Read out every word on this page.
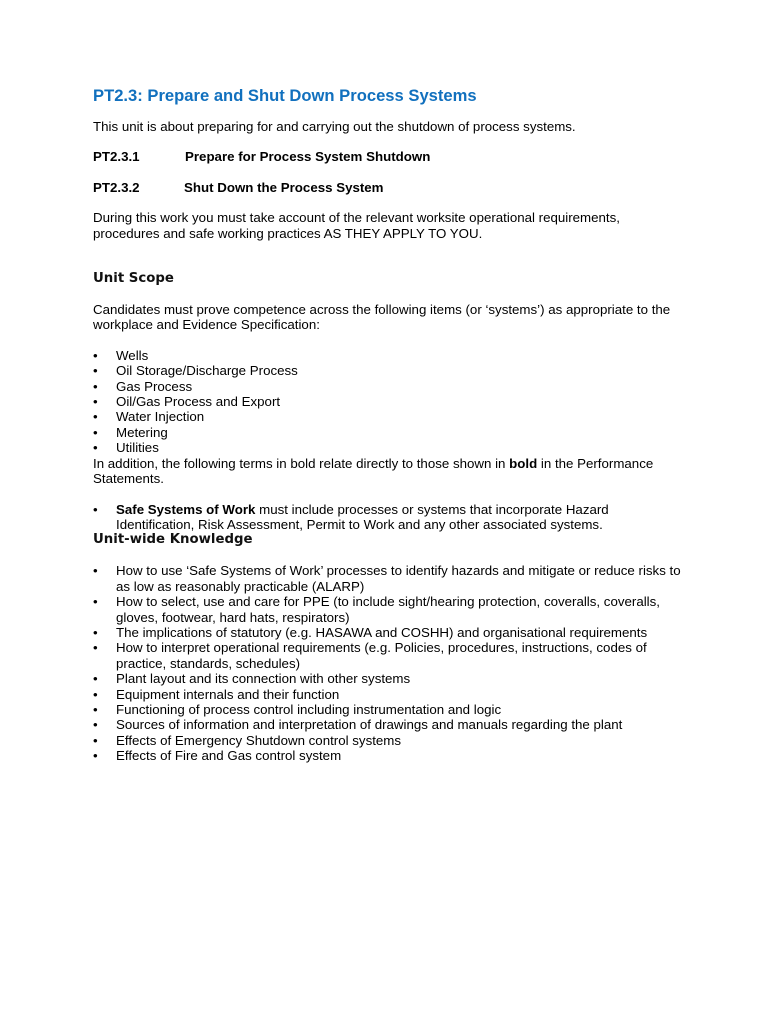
PT2.3: Prepare and Shut Down Process Systems

This unit is about preparing for and carrying out the shutdown of process systems.

PT2.3.1	Prepare for Process System Shutdown
PT2.3.2	Shut Down the Process System

During this work you must take account of the relevant worksite operational requirements, procedures and safe working practices AS THEY APPLY TO YOU.

Unit Scope

Candidates must prove competence across the following items (or ‘systems’) as appropriate to the workplace and Evidence Specification:

•	Wells
•	Oil Storage/Discharge Process
•	Gas Process
•	Oil/Gas Process and Export
•	Water Injection
•	Metering
•	Utilities

In addition, the following terms in bold relate directly to those shown in bold in the Performance Statements.

•	Safe Systems of Work must include processes or systems that incorporate Hazard Identification, Risk Assessment, Permit to Work and any other associated systems.
Unit-wide Knowledge
•	How to use ‘Safe Systems of Work’ processes to identify hazards and mitigate or reduce risks to as low as reasonably practicable (ALARP)
•	How to select, use and care for PPE (to include sight/hearing protection, coveralls, coveralls, gloves, footwear, hard hats, respirators)
•	The implications of statutory (e.g. HASAWA and COSHH) and organisational requirements
•	How to interpret operational requirements (e.g. Policies, procedures, instructions, codes of practice, standards, schedules)
•	Plant layout and its connection with other systems
•	Equipment internals and their function
•	Functioning of process control including instrumentation and logic
•	Sources of information and interpretation of drawings and manuals regarding the plant
•	Effects of Emergency Shutdown control systems
•	Effects of Fire and Gas control system
